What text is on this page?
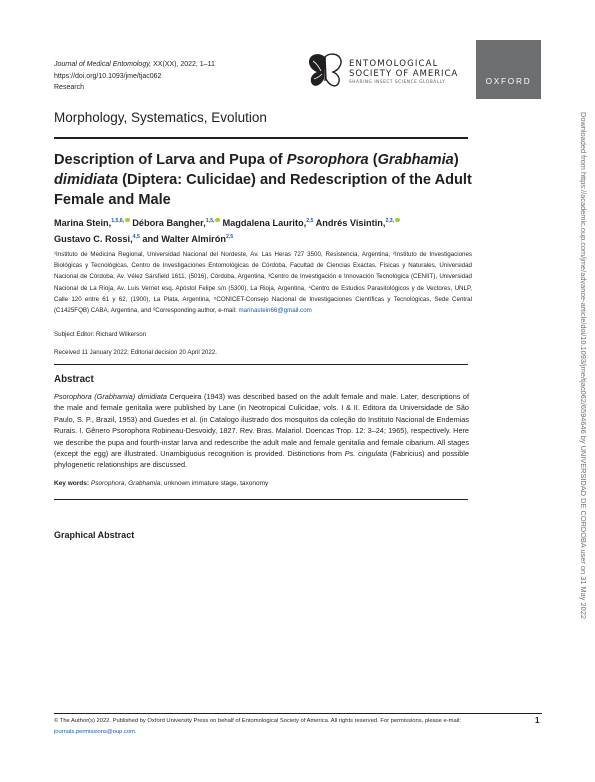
Journal of Medical Entomology, XX(XX), 2022, 1–11
https://doi.org/10.1093/jme/tjac062
Research
ENTOMOLOGICAL
SOCIETY OF AMERICA
SHARING INSECT SCIENCE GLOBALLY	OXFORD
Morphology, Systematics, Evolution
Description of Larva and Pupa of Psorophora (Grabhamia)
dimidiata (Diptera: Culicidae) and Redescription of the Adult Female and Male
Marina Stein,$^{1,5,6,}$ Débora Bangher,$^{1,5,}$ Magdalena Laurito,$^{2,5}$ Andrés Visintin,$^{2,3,}$
Gustavo C. Rossi,$^{4,5}$ and Walter Almirón$^{2,5}$
¹Instituto de Medicina Regional, Universidad Nacional del Nordeste, Av. Las Heras 727 3500, Resistencia, Argentina, ²Instituto de Investigaciones Biológicas y Tecnológicas, Centro de Investigaciones Entomológicas de Córdoba, Facultad de Ciencias Exactas, Físicas y Naturales, Universidad Nacional de Córdoba, Av. Vélez Sársfield 1611, (5016), Córdoba, Argentina, ³Centro de Investigación e Innovación Tecnológica (CENIIT), Universidad Nacional de La Rioja, Av. Luis Vernet esq. Apóstol Felipe s/n (5300), La Rioja, Argentina, ⁴Centro de Estudios Parasitológicos y de Vectores, UNLP, Calle 120 entre 61 y 62, (1900), La Plata, Argentina, ⁵CONICET-Consejo Nacional de Investigaciones Científicas y Tecnológicas, Sede Central (C1425FQB) CABA, Argentina, and ⁶Corresponding author, e-mail: marinastein66@gmail.com
Subject Editor: Richard Wilkerson
Received 11 January 2022; Editorial decision 20 April 2022.
Abstract
Psorophora (Grabhamia) dimidiata Cerqueira (1943) was described based on the adult female and male. Later, descriptions of the male and female genitalia were published by Lane (in Neotropical Culicidae, vols. I & II. Editora da Universidade de São Paulo, S. P., Brazil, 1953) and Guedes et al. (in Catalogo ilustrado dos mosquitos da coleção do Instituto Nacional de Endemias Rurais. I. Gênero Psorophora Robineau-Desvoidy, 1827. Rev. Bras. Malariol. Doencas Trop. 12: 3–24; 1965), respectively. Here we describe the pupa and fourth-instar larva and redescribe the adult male and female genitalia and female cibarium. All stages (except the egg) are illustrated. Unambiguous recognition is provided. Distinctions from Ps. cingulata (Fabricius) and possible phylogenetic relationships are discussed.
Key words: Psorophora, Grabhamia, unknown immature stage, taxonomy
Graphical Abstract
© The Author(s) 2022. Published by Oxford University Press on behalf of Entomological Society of America. All rights reserved. For permissions, please e-mail:
journals.permissions@oup.com.
1
Downloaded from https://academic.oup.com/jme/advance-article/doi/10.1093/jme/tjac062/6594646 by UNIVERSIDAD DE CORDOBA user on 31 May 2022
